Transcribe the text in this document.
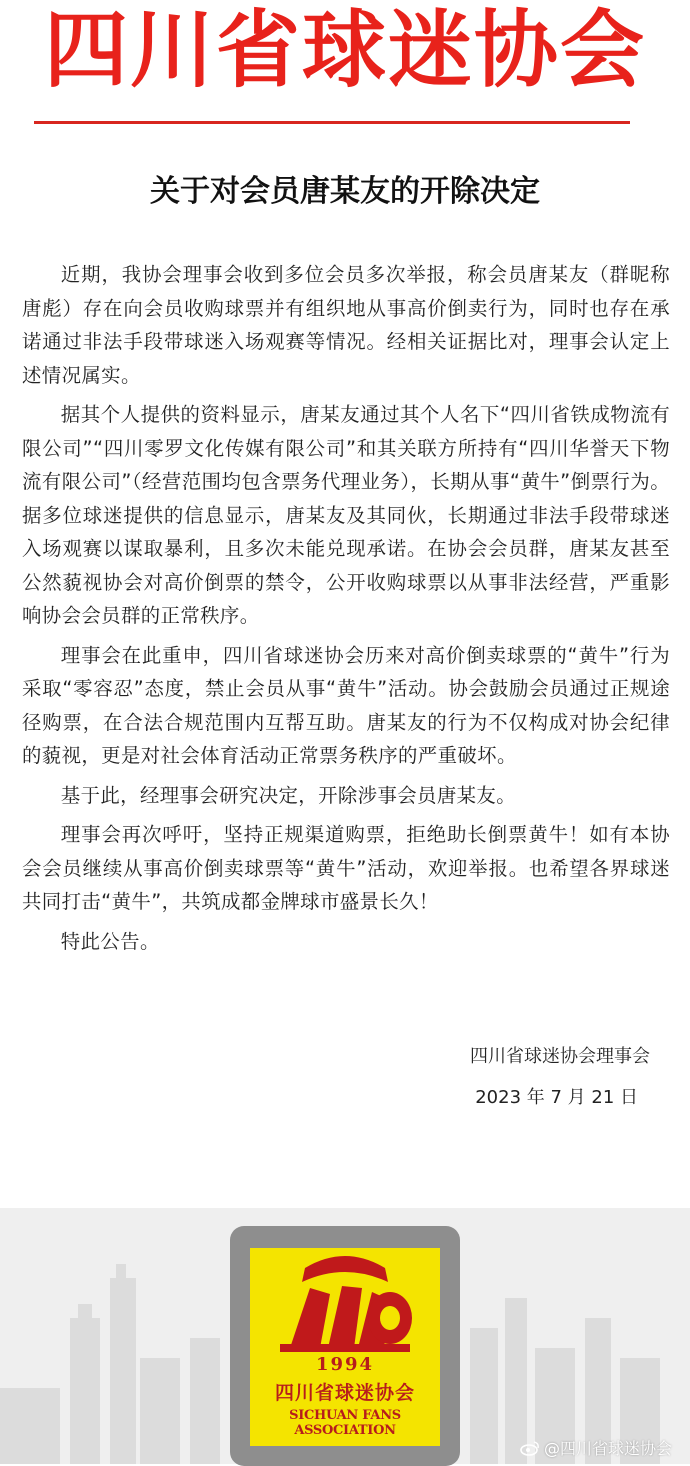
四川省球迷协会
关于对会员唐某友的开除决定

近期，我协会理事会收到多位会员多次举报，称会员唐某友（群昵称唐彪）存在向会员收购球票并有组织地从事高价倒卖行为，同时也存在承诺通过非法手段带球迷入场观赛等情况。经相关证据比对，理事会认定上述情况属实。

据其个人提供的资料显示，唐某友通过其个人名下“四川省铁成物流有限公司”“四川零罗文化传媒有限公司”和其关联方所持有“四川华誉天下物流有限公司”（经营范围均包含票务代理业务），长期从事“黄牛”倒票行为。据多位球迷提供的信息显示，唐某友及其同伙，长期通过非法手段带球迷入场观赛以谋取暴利，且多次未能兑现承诺。在协会会员群，唐某友甚至公然藐视协会对高价倒票的禁令，公开收购球票以从事非法经营，严重影响协会会员群的正常秩序。

理事会在此重申，四川省球迷协会历来对高价倒卖球票的“黄牛”行为采取“零容忍”态度，禁止会员从事“黄牛”活动。协会鼓励会员通过正规途径购票，在合法合规范围内互帮互助。唐某友的行为不仅构成对协会纪律的藐视，更是对社会体育活动正常票务秩序的严重破坏。

基于此，经理事会研究决定，开除涉事会员唐某友。

理事会再次呼吁，坚持正规渠道购票，拒绝助长倒票黄牛！如有本协会会员继续从事高价倒卖球票等“黄牛”活动，欢迎举报。也希望各界球迷共同打击“黄牛”，共筑成都金牌球市盛景长久！

特此公告。

四川省球迷协会理事会
2023 年 7 月 21 日
1994
四川省球迷协会
SICHUAN FANS ASSOCIATION
@四川省球迷协会
